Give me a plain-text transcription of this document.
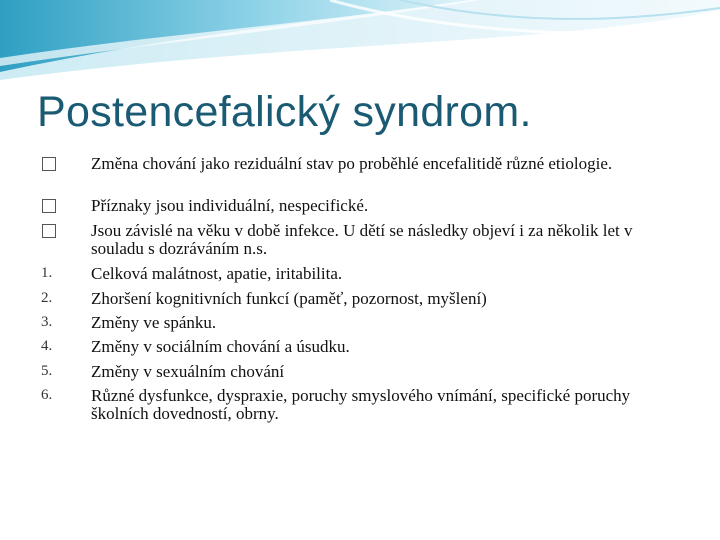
Postencefalický syndrom.
Změna chování jako reziduální stav po proběhlé encefalitidě různé etiologie.
Příznaky jsou individuální, nespecifické.
Jsou závislé na věku v době infekce. U dětí se následky objeví i za několik let v souladu s dozráváním n.s.
1.	Celková malátnost, apatie, iritabilita.
2.	Zhoršení kognitivních funkcí (paměť, pozornost, myšlení)
3.	Změny ve spánku.
4.	Změny v sociálním chování a úsudku.
5.	Změny v sexuálním chování
6.	Různé dysfunkce, dyspraxie, poruchy smyslového vnímání, specifické poruchy školních dovedností, obrny.
